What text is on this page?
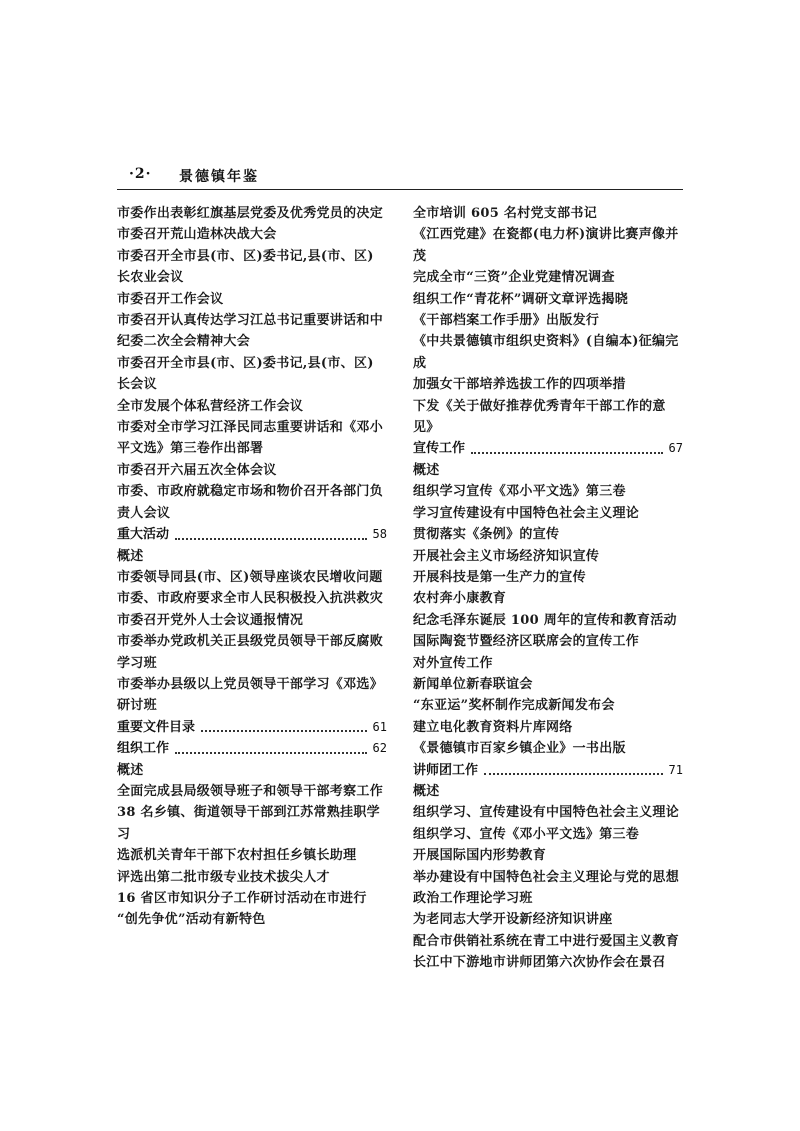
·2· 景德镇年鉴

市委作出表彰红旗基层党委及优秀党员的决定

市委召开荒山造林决战大会

市委召开全市县(市、区)委书记,县(市、区)长农业会议

市委召开工作会议

市委召开认真传达学习江总书记重要讲话和中纪委二次全会精神大会

市委召开全市县(市、区)委书记,县(市、区)长会议

全市发展个体私营经济工作会议

市委对全市学习江泽民同志重要讲话和《邓小平文选》第三卷作出部署

市委召开六届五次全体会议

市委、市政府就稳定市场和物价召开各部门负责人会议

重大活动	58

概述

市委领导同县(市、区)领导座谈农民增收问题

市委、市政府要求全市人民积极投入抗洪救灾

市委召开党外人士会议通报情况

市委举办党政机关正县级党员领导干部反腐败学习班

市委举办县级以上党员领导干部学习《邓选》研讨班

重要文件目录	61
组织工作	62

概述

全面完成县局级领导班子和领导干部考察工作

38 名乡镇、街道领导干部到江苏常熟挂职学习

选派机关青年干部下农村担任乡镇长助理

评选出第二批市级专业技术拔尖人才

16 省区市知识分子工作研讨活动在市进行

“创先争优”活动有新特色

全市培训 605 名村党支部书记

《江西党建》在瓷都(电力杯)演讲比赛声像并茂

完成全市“三资”企业党建情况调查

组织工作“青花杯”调研文章评选揭晓

《干部档案工作手册》出版发行

《中共景德镇市组织史资料》(自编本)征编完成

加强女干部培养选拔工作的四项举措

下发《关于做好推荐优秀青年干部工作的意见》

宣传工作	67

概述

组织学习宣传《邓小平文选》第三卷

学习宣传建设有中国特色社会主义理论

贯彻落实《条例》的宣传

开展社会主义市场经济知识宣传

开展科技是第一生产力的宣传

农村奔小康教育

纪念毛泽东诞辰 100 周年的宣传和教育活动

国际陶瓷节暨经济区联席会的宣传工作

对外宣传工作

新闻单位新春联谊会

“东亚运”奖杯制作完成新闻发布会

建立电化教育资料片库网络

《景德镇市百家乡镇企业》一书出版

讲师团工作	71

概述

组织学习、宣传建设有中国特色社会主义理论

组织学习、宣传《邓小平文选》第三卷

开展国际国内形势教育

举办建设有中国特色社会主义理论与党的思想政治工作理论学习班

为老同志大学开设新经济知识讲座

配合市供销社系统在青工中进行爱国主义教育

长江中下游地市讲师团第六次协作会在景召
